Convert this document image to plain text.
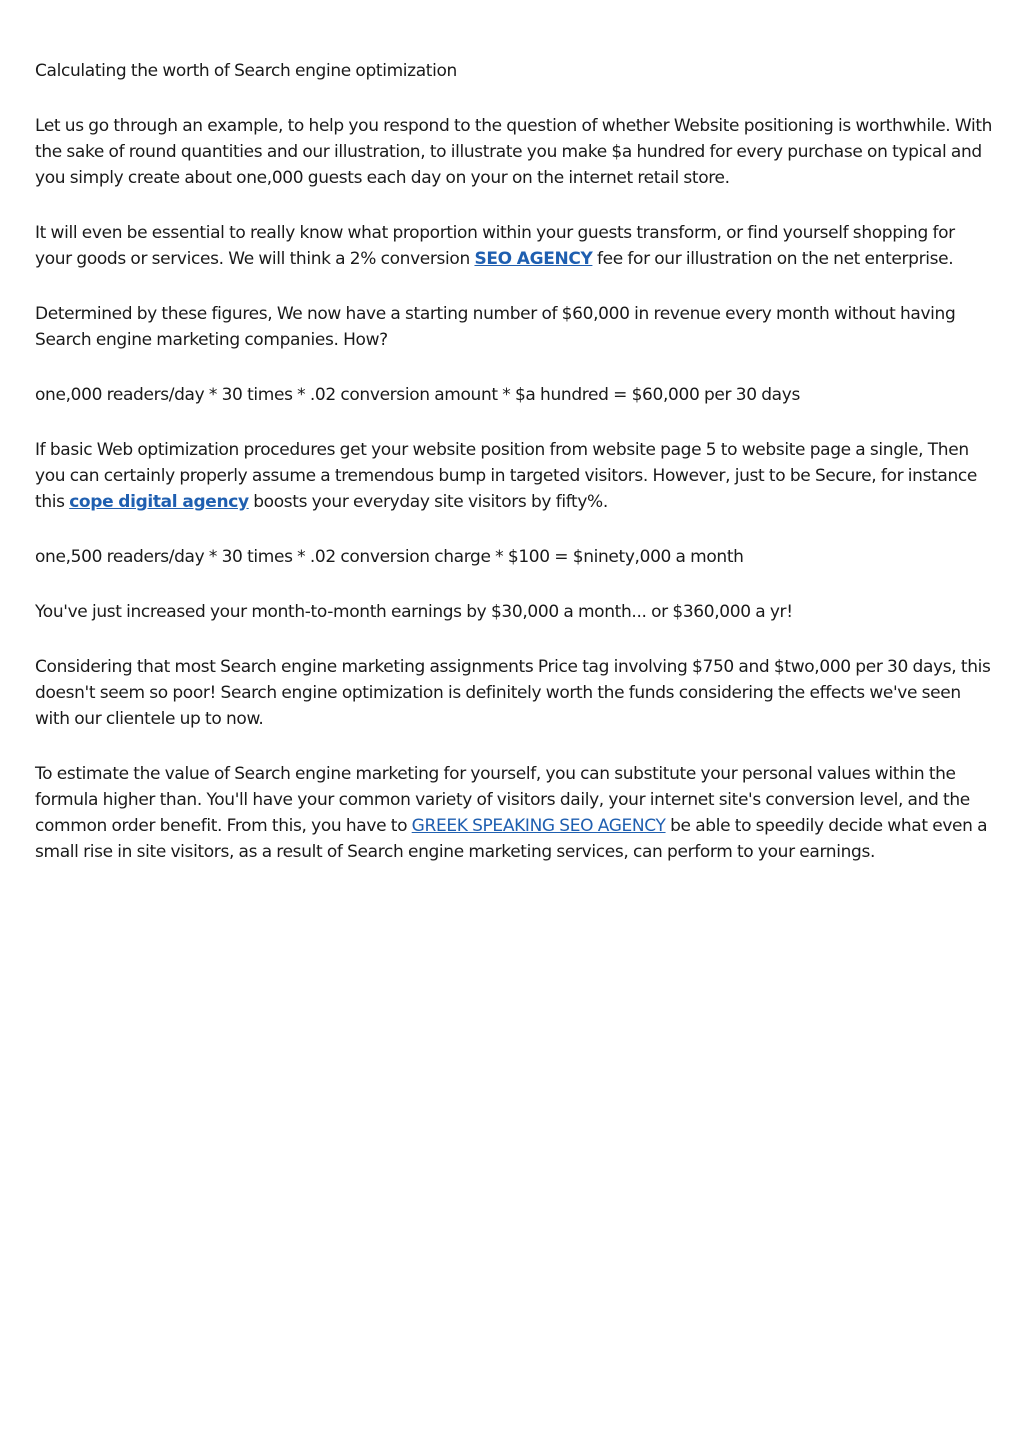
Calculating the worth of Search engine optimization

Let us go through an example, to help you respond to the question of whether Website positioning is worthwhile. With the sake of round quantities and our illustration, to illustrate you make $a hundred for every purchase on typical and you simply create about one,000 guests each day on your on the internet retail store.

It will even be essential to really know what proportion within your guests transform, or find yourself shopping for your goods or services. We will think a 2% conversion SEO AGENCY fee for our illustration on the net enterprise.

Determined by these figures, We now have a starting number of $60,000 in revenue every month without having Search engine marketing companies. How?

one,000 readers/day * 30 times * .02 conversion amount * $a hundred = $60,000 per 30 days

If basic Web optimization procedures get your website position from website page 5 to website page a single, Then you can certainly properly assume a tremendous bump in targeted visitors. However, just to be Secure, for instance this cope digital agency boosts your everyday site visitors by fifty%.

one,500 readers/day * 30 times * .02 conversion charge * $100 = $ninety,000 a month

You've just increased your month-to-month earnings by $30,000 a month... or $360,000 a yr!

Considering that most Search engine marketing assignments Price tag involving $750 and $two,000 per 30 days, this doesn't seem so poor! Search engine optimization is definitely worth the funds considering the effects we've seen with our clientele up to now.

To estimate the value of Search engine marketing for yourself, you can substitute your personal values within the formula higher than. You'll have your common variety of visitors daily, your internet site's conversion level, and the common order benefit. From this, you have to GREEK SPEAKING SEO AGENCY be able to speedily decide what even a small rise in site visitors, as a result of Search engine marketing services, can perform to your earnings.
